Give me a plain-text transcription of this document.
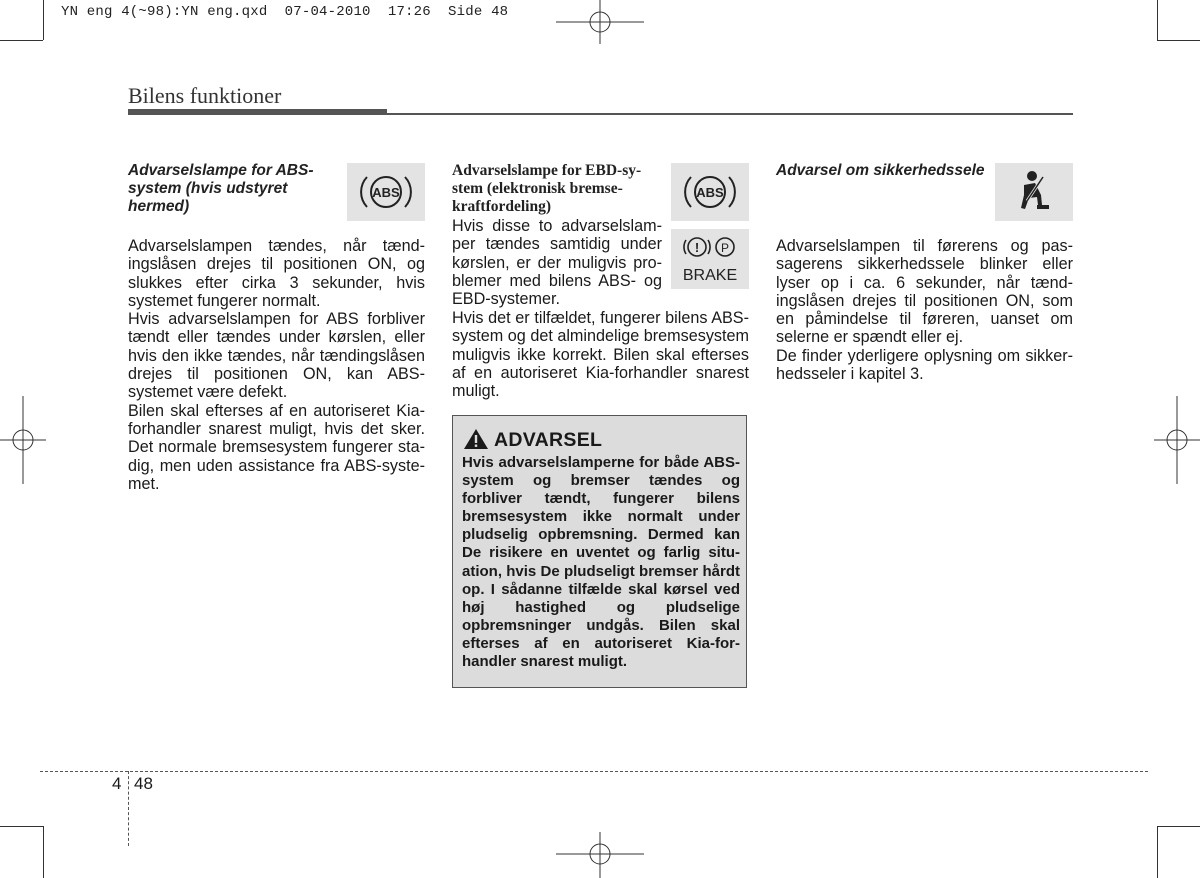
YN eng 4(~98):YN eng.qxd  07-04-2010  17:26  Side 48
Bilens funktioner
Advarselslampe for ABS-
system (hvis udstyret
hermed)
ABS

Advarselslampen tændes, når tændingslåsen drejes til positionen ON, og slukkes efter cirka 3 sekunder, hvis systemet fungerer normalt.

Hvis advarselslampen for ABS forbliver tændt eller tændes under kørslen, eller hvis den ikke tændes, når tændingslåsen drejes til positionen ON, kan ABS-systemet være defekt.

Bilen skal efterses af en autoriseret Kia-forhandler snarest muligt, hvis det sker. Det normale bremsesystem fungerer stadig, men uden assistance fra ABS-systemet.

Advarselslampe for EBD-sy-
stem (elektronisk bremse-
kraftfordeling)
ABS
! P
BRAKE

Hvis disse to advarselslamper tændes samtidig under kørslen, er der muligvis problemer med bilens ABS- og EBD-systemer.

Hvis det er tilfældet, fungerer bilens ABS-system og det almindelige bremsesystem muligvis ikke korrekt. Bilen skal efterses af en autoriseret Kia-forhandler snarest muligt.

ADVARSEL
Hvis advarselslamperne for både ABS-system og bremser tændes og forbliver tændt, fungerer bilens bremsesystem ikke normalt under pludselig opbremsning. Dermed kan De risikere en uventet og farlig situation, hvis De pludseligt bremser hårdt op. I sådanne tilfælde skal kørsel ved høj hastighed og pludselige opbremsninger undgås. Bilen skal efterses af en autoriseret Kia-forhandler snarest muligt.
Advarsel om sikkerhedssele

Advarselslampen til førerens og passagerens sikkerhedssele blinker eller lyser op i ca. 6 sekunder, når tændingslåsen drejes til positionen ON, som en påmindelse til føreren, uanset om selerne er spændt eller ej.

De finder yderligere oplysning om sikkerhedsseler i kapitel 3.

4 48
